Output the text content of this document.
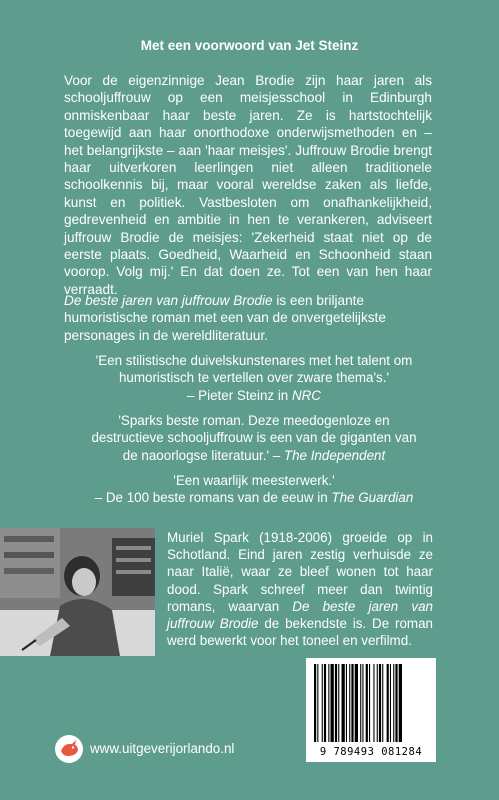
Met een voorwoord van Jet Steinz

Voor de eigenzinnige Jean Brodie zijn haar jaren als schooljuffrouw op een meisjesschool in Edinburgh onmiskenbaar haar beste jaren. Ze is hartstochtelijk toegewijd aan haar onorthodoxe onderwijsmethoden en – het belangrijkste – aan 'haar meisjes'. Juffrouw Brodie brengt haar uitverkoren leerlingen niet alleen traditionele schoolkennis bij, maar vooral wereldse zaken als liefde, kunst en politiek. Vastbesloten om onafhankelijkheid, gedrevenheid en ambitie in hen te verankeren, adviseert juffrouw Brodie de meisjes: 'Zekerheid staat niet op de eerste plaats. Goedheid, Waarheid en Schoonheid staan voorop. Volg mij.' En dat doen ze. Tot een van hen haar verraadt.

De beste jaren van juffrouw Brodie is een briljante humoristische roman met een van de onvergetelijkste personages in de wereldliteratuur.

'Een stilistische duivelskunstenares met het talent om
humoristisch te vertellen over zware thema's.'
– Pieter Steinz in NRC
'Sparks beste roman. Deze meedogenloze en
destructieve schooljuffrouw is een van de giganten van
de naoorlogse literatuur.' – The Independent
'Een waarlijk meesterwerk.'
– De 100 beste romans van de eeuw in The Guardian

Muriel Spark (1918-2006) groeide op in Schotland. Eind jaren zestig verhuisde ze naar Italië, waar ze bleef wonen tot haar dood. Spark schreef meer dan twintig romans, waarvan De beste jaren van juffrouw Brodie de bekendste is. De roman werd bewerkt voor het toneel en verfilmd.

9 789493 081284
www.uitgeverijorlando.nl
